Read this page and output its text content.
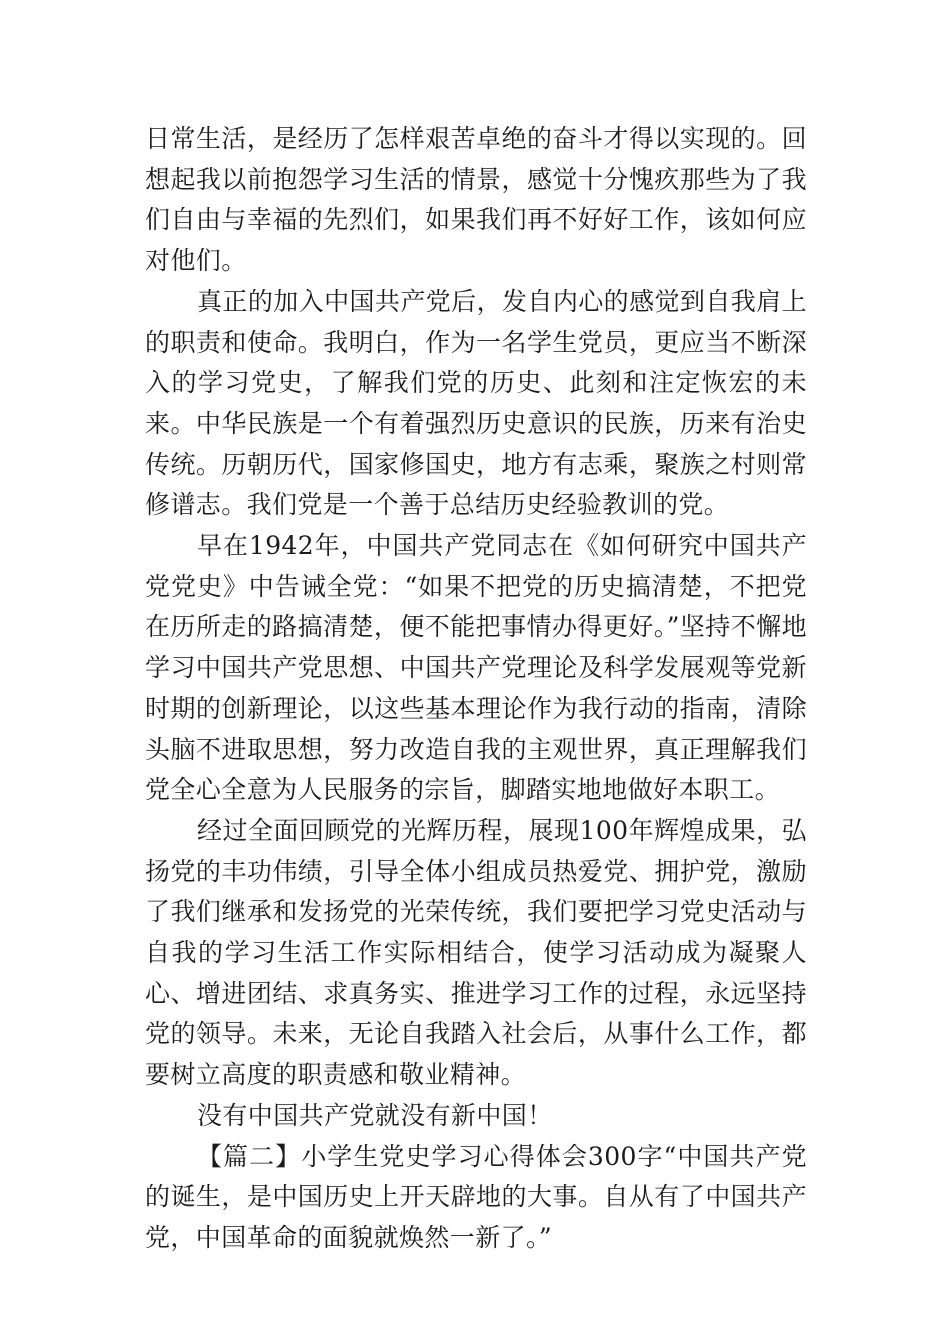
日常生活，是经历了怎样艰苦卓绝的奋斗才得以实现的。回想起我以前抱怨学习生活的情景，感觉十分愧疚那些为了我们自由与幸福的先烈们，如果我们再不好好工作，该如何应对他们。

真正的加入中国共产党后，发自内心的感觉到自我肩上的职责和使命。我明白，作为一名学生党员，更应当不断深入的学习党史，了解我们党的历史、此刻和注定恢宏的未来。中华民族是一个有着强烈历史意识的民族，历来有治史传统。历朝历代，国家修国史，地方有志乘，聚族之村则常修谱志。我们党是一个善于总结历史经验教训的党。

早在1942年，中国共产党同志在《如何研究中国共产党党史》中告诫全党：“如果不把党的历史搞清楚，不把党在历所走的路搞清楚，便不能把事情办得更好。”坚持不懈地学习中国共产党思想、中国共产党理论及科学发展观等党新时期的创新理论，以这些基本理论作为我行动的指南，清除头脑不进取思想，努力改造自我的主观世界，真正理解我们党全心全意为人民服务的宗旨，脚踏实地地做好本职工。

经过全面回顾党的光辉历程，展现100年辉煌成果，弘扬党的丰功伟绩，引导全体小组成员热爱党、拥护党，激励了我们继承和发扬党的光荣传统，我们要把学习党史活动与自我的学习生活工作实际相结合，使学习活动成为凝聚人心、增进团结、求真务实、推进学习工作的过程，永远坚持党的领导。未来，无论自我踏入社会后，从事什么工作，都要树立高度的职责感和敬业精神。

没有中国共产党就没有新中国！

【篇二】小学生党史学习心得体会300字“中国共产党的诞生，是中国历史上开天辟地的大事。自从有了中国共产党，中国革命的面貌就焕然一新了。”
